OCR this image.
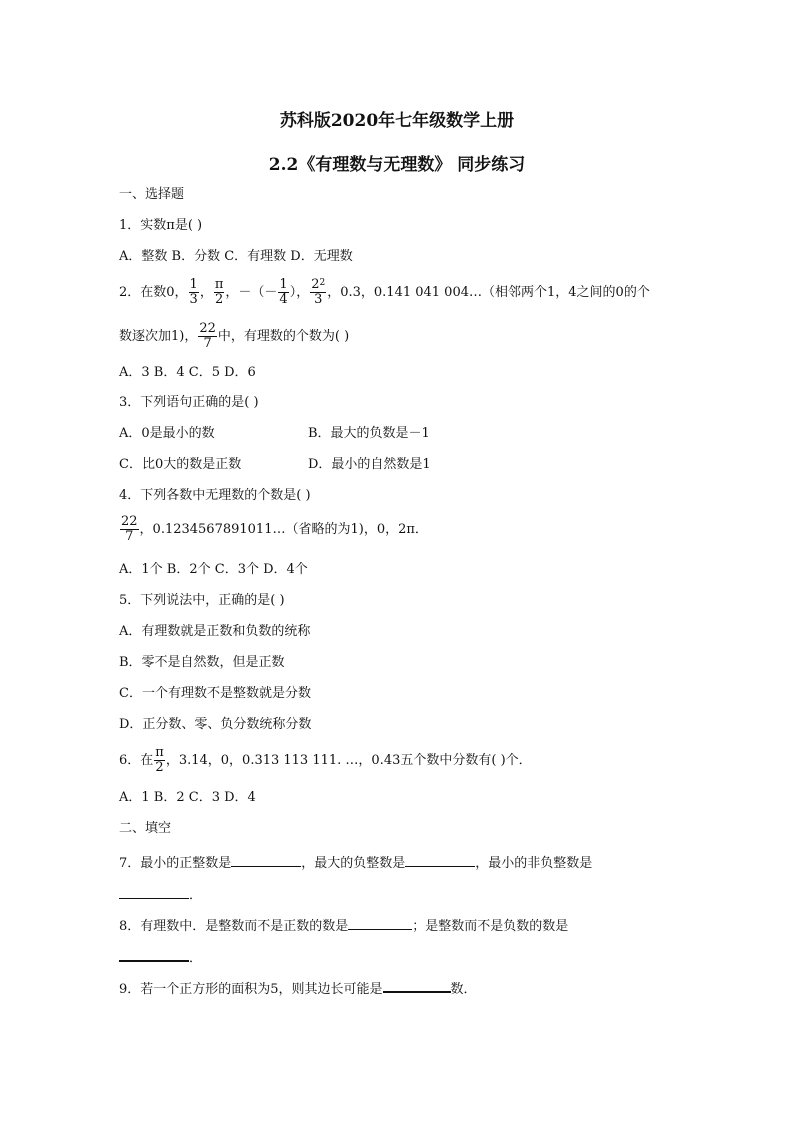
苏科版2020年七年级数学上册
2.2《有理数与无理数》 同步练习
一、选择题
1．实数π是( )
A．整数 B．分数 C．有理数 D．无理数
2．在数0， $\frac{1}{3}$ ， $\frac{\pi}{2}$ ，－（－ $\frac{1}{4}$ ）， $\frac{2^2}{3}$ ，0.3，0.141 041 004…（相邻两个1，4之间的0的个
数逐次加1)， $\frac{22}{7}$ 中，有理数的个数为( )
A．3 B．4 C．5 D．6
3．下列语句正确的是( )
A．0是最小的数	B．最大的负数是－1
C．比0大的数是正数	D．最小的自然数是1
4．下列各数中无理数的个数是( )
$\frac{22}{7}$ ，0.1234567891011…（省略的为1)，0，2π．
A．1个 B．2个 C．3个 D．4个
5．下列说法中，正确的是( )
A．有理数就是正数和负数的统称
B．零不是自然数，但是正数
C．一个有理数不是整数就是分数
D．正分数、零、负分数统称分数
6．在 $\frac{\pi}{2}$ ，3.14，0，0.313 113 111. …，0.43五个数中分数有( )个．
A．1 B．2 C．3 D．4
二、填空
7．最小的正整数是	，最大的负整数是	，最小的非负整数是
．
8．有理数中．是整数而不是正数的数是	；是整数而不是负数的数是
．
9．若一个正方形的面积为5，则其边长可能是	数．
